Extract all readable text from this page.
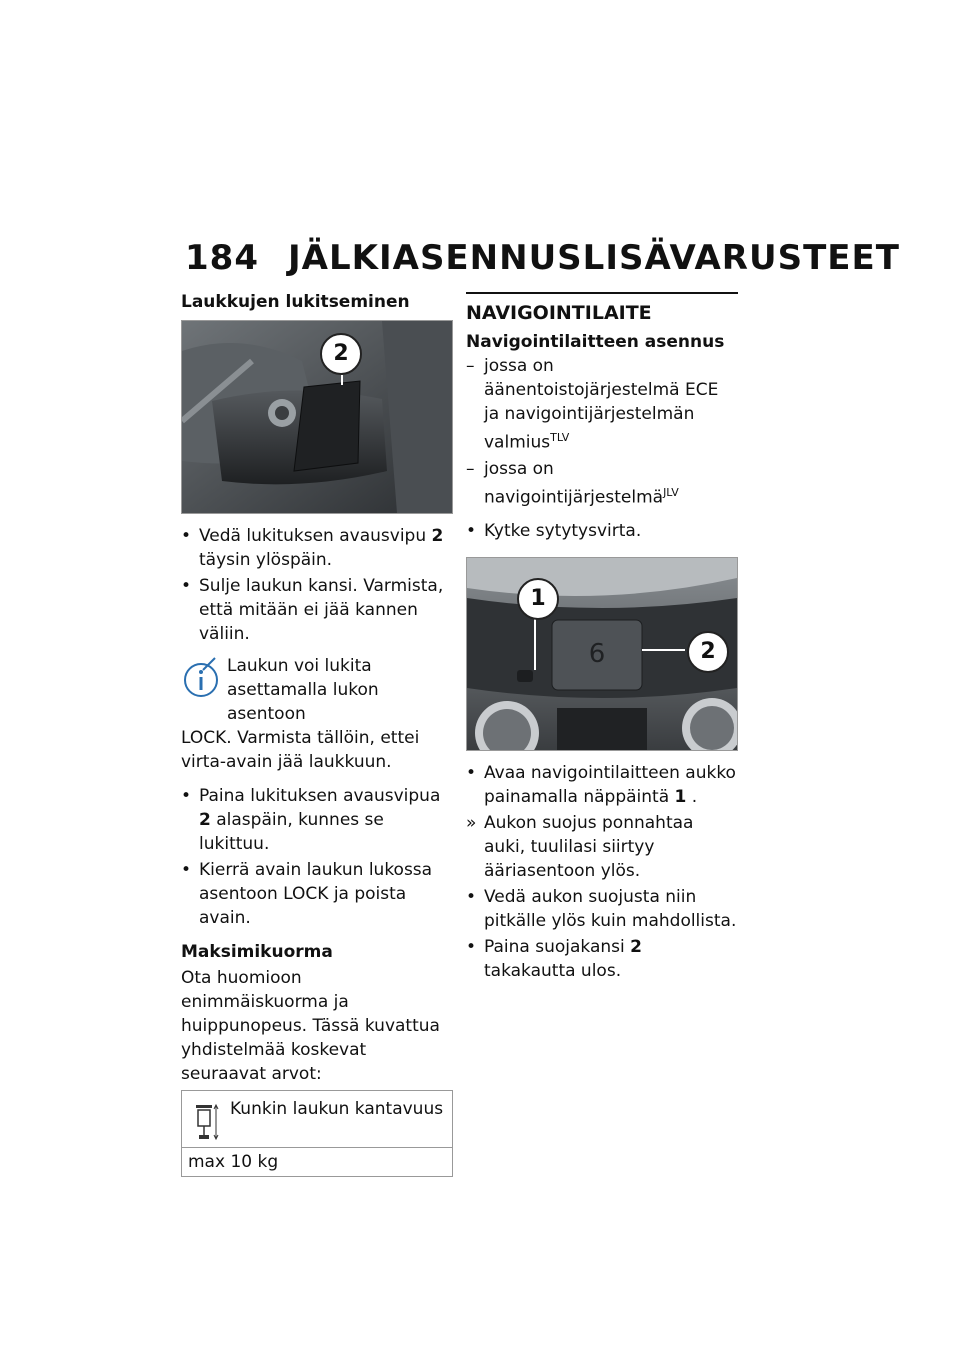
184 JÄLKIASENNUSLISÄVARUSTEET
Laukkujen lukitseminen
2
• Vedä lukituksen avausvipu 2 täysin ylöspäin.
• Sulje laukun kansi. Varmista, että mitään ei jää kannen väliin.

Laukun voi lukita asettamalla lukon asentoon
LOCK. Varmista tällöin, ettei virta-avain jää laukkuun.

• Paina lukituksen avausvipua 2 alaspäin, kunnes se lukittuu.
• Kierrä avain laukun lukossa asentoon LOCK ja poista avain.
Maksimikuorma

Ota huomioon enimmäiskuorma ja huippunopeus. Tässä kuvattua yhdistelmää koskevat seuraavat arvot:

Kunkin laukun kantavuus
max 10 kg
NAVIGOINTILAITE
Navigointilaitteen asennus
– jossa on äänentoistojärjestelmä ECE ja navigointijärjestelmän valmius$^{TLV}$
– jossa on navigointijärjestelmä$^{JLV}$
• Kytke sytytysvirta.
6
1
2
• Avaa navigointilaitteen aukko painamalla näppäintä 1 .
» Aukon suojus ponnahtaa auki, tuulilasi siirtyy ääriasentoon ylös.
• Vedä aukon suojusta niin pitkälle ylös kuin mahdollista.
• Paina suojakansi 2 takakautta ulos.
